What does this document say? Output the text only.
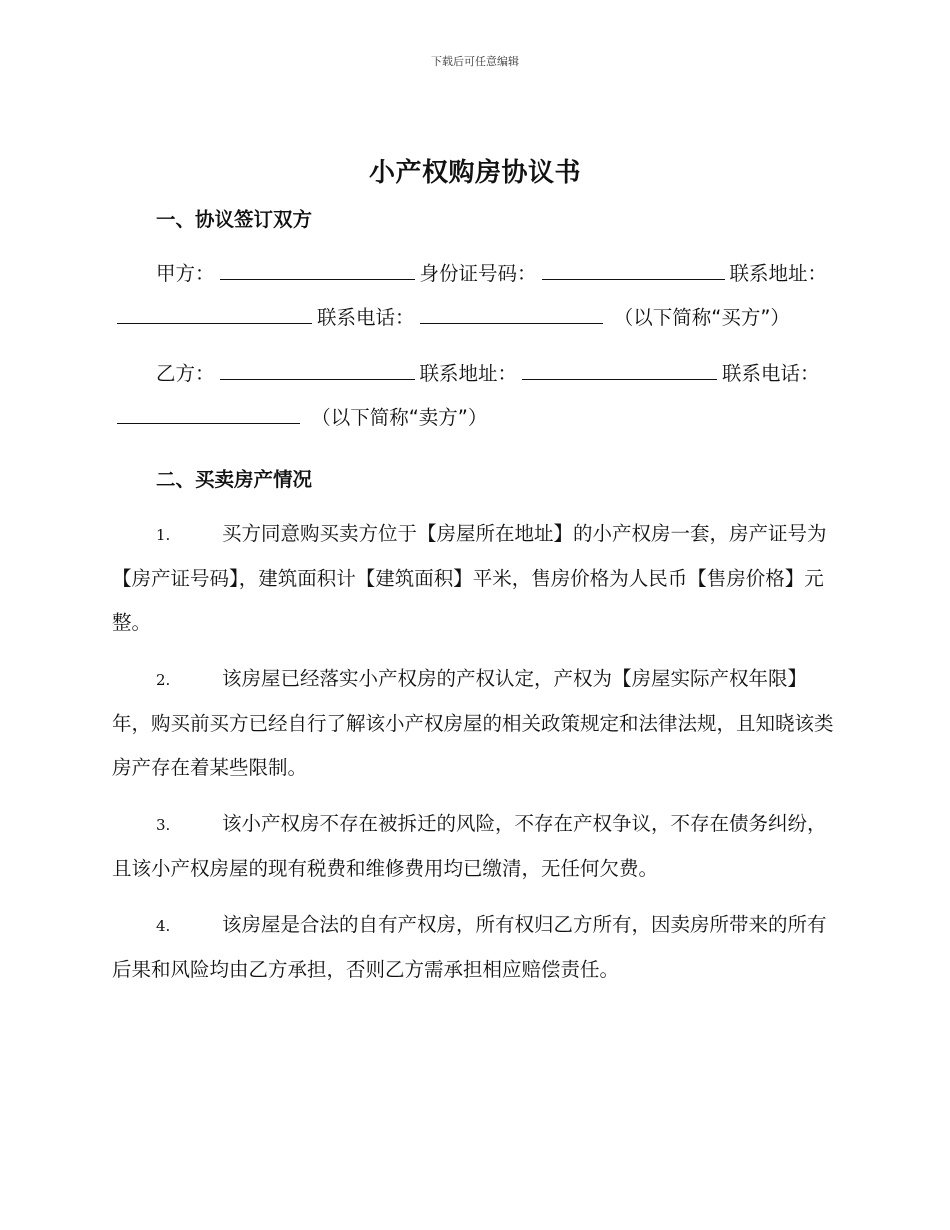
下载后可任意编辑
小产权购房协议书
一、协议签订双方

甲方：	身份证号码：	联系地址：联系电话：	（以下简称“买方”）

乙方：	联系地址：	联系电话： （以下简称“卖方”）

二、买卖房产情况

1.	买方同意购买卖方位于【房屋所在地址】的小产权房一套，房产证号为【房产证号码】，建筑面积计【建筑面积】平米，售房价格为人民币【售房价格】元整。

2.	该房屋已经落实小产权房的产权认定，产权为【房屋实际产权年限】年，购买前买方已经自行了解该小产权房屋的相关政策规定和法律法规，且知晓该类房产存在着某些限制。

3.	该小产权房不存在被拆迁的风险，不存在产权争议，不存在债务纠纷，且该小产权房屋的现有税费和维修费用均已缴清，无任何欠费。

4.	该房屋是合法的自有产权房，所有权归乙方所有，因卖房所带来的所有后果和风险均由乙方承担，否则乙方需承担相应赔偿责任。
